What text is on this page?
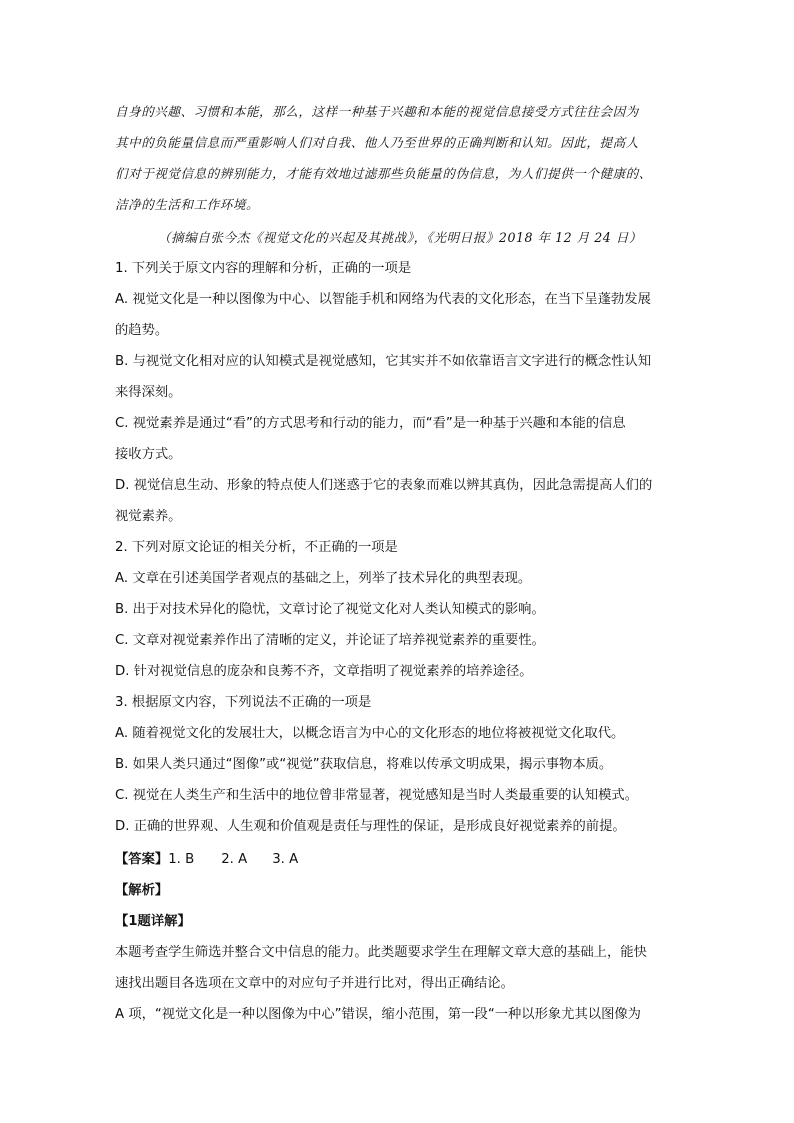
自身的兴趣、习惯和本能，那么，这样一种基于兴趣和本能的视觉信息接受方式往往会因为
其中的负能量信息而严重影响人们对自我、他人乃至世界的正确判断和认知。因此，提高人
们对于视觉信息的辨别能力，才能有效地过滤那些负能量的伪信息，为人们提供一个健康的、
洁净的生活和工作环境。
（摘编自张今杰《视觉文化的兴起及其挑战》，《光明日报》2018 年 12 月 24 日）
1. 下列关于原文内容的理解和分析，正确的一项是
A. 视觉文化是一种以图像为中心、以智能手机和网络为代表的文化形态，在当下呈蓬勃发展
的趋势。
B. 与视觉文化相对应的认知模式是视觉感知，它其实并不如依靠语言文字进行的概念性认知
来得深刻。
C. 视觉素养是通过“看”的方式思考和行动的能力，而“看”是一种基于兴趣和本能的信息
接收方式。
D. 视觉信息生动、形象的特点使人们迷惑于它的表象而难以辨其真伪，因此急需提高人们的
视觉素养。
2. 下列对原文论证的相关分析，不正确的一项是
A. 文章在引述美国学者观点的基础之上，列举了技术异化的典型表现。
B. 出于对技术异化的隐忧，文章讨论了视觉文化对人类认知模式的影响。
C. 文章对视觉素养作出了清晰的定义，并论证了培养视觉素养的重要性。
D. 针对视觉信息的庞杂和良莠不齐，文章指明了视觉素养的培养途径。
3. 根据原文内容，下列说法不正确的一项是
A. 随着视觉文化的发展壮大，以概念语言为中心的文化形态的地位将被视觉文化取代。
B. 如果人类只通过“图像”或“视觉”获取信息，将难以传承文明成果，揭示事物本质。
C. 视觉在人类生产和生活中的地位曾非常显著，视觉感知是当时人类最重要的认知模式。
D. 正确的世界观、人生观和价值观是责任与理性的保证，是形成良好视觉素养的前提。
【答案】1. B 2. A 3. A
【解析】
【1题详解】
本题考查学生筛选并整合文中信息的能力。此类题要求学生在理解文章大意的基础上，能快
速找出题目各选项在文章中的对应句子并进行比对，得出正确结论。
A 项，“视觉文化是一种以图像为中心”错误，缩小范围，第一段“一种以形象尤其以图像为
